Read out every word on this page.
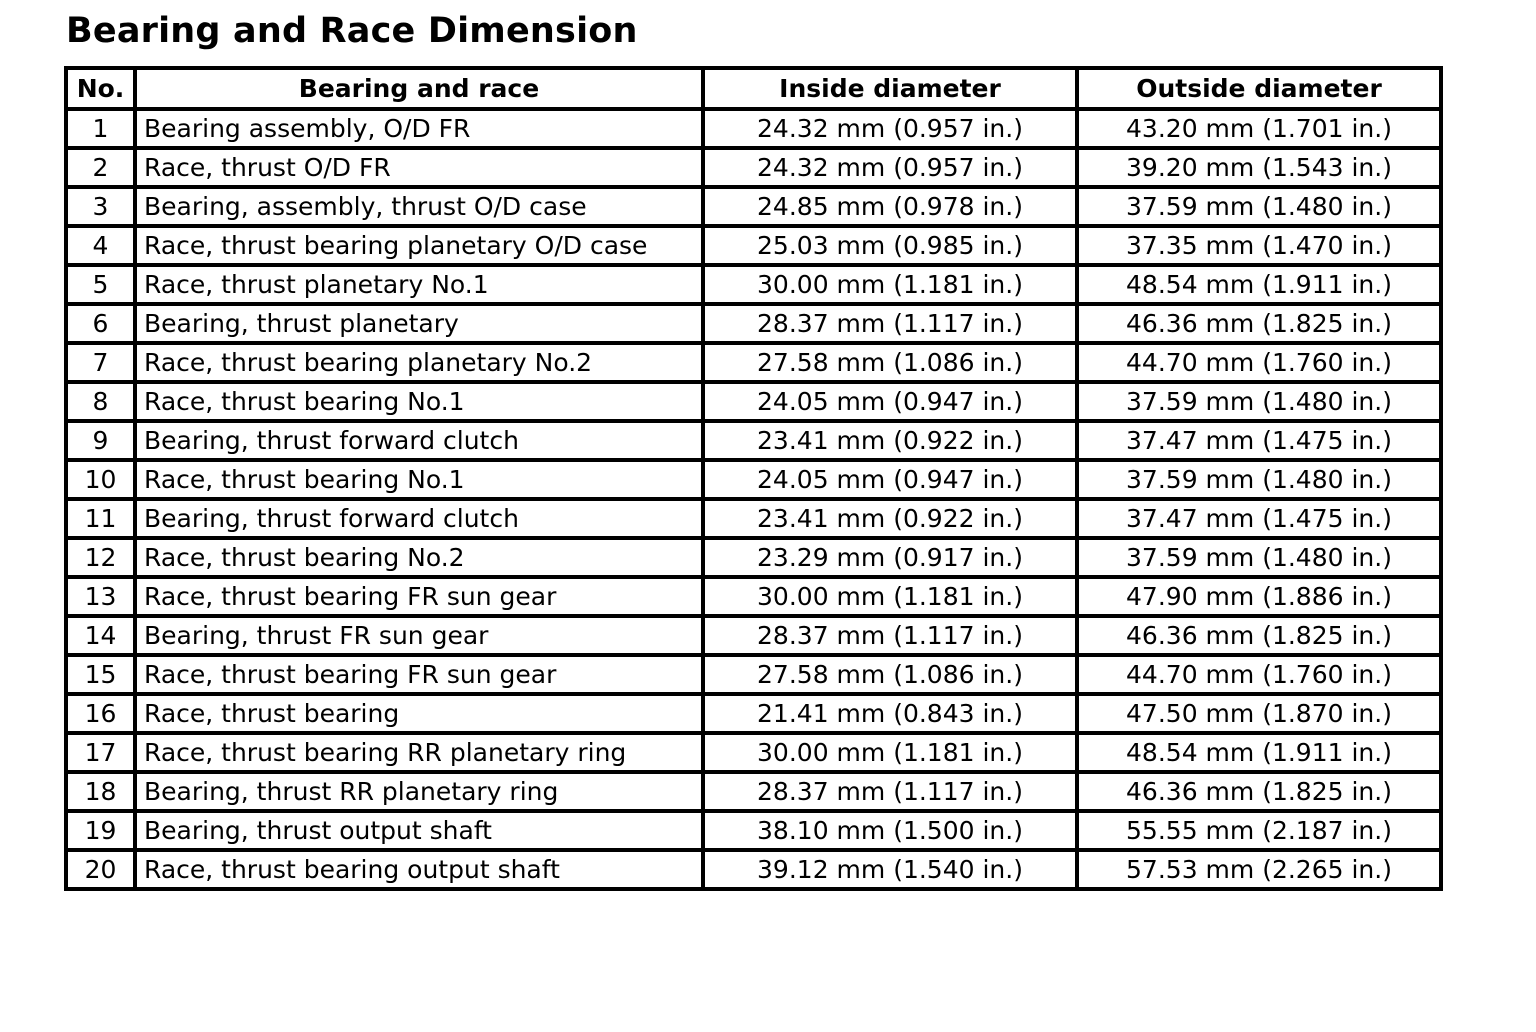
Bearing and Race Dimension
No.	Bearing and race	Inside diameter	Outside diameter
1	Bearing assembly, O/D FR	24.32 mm (0.957 in.)	43.20 mm (1.701 in.)
2	Race, thrust O/D FR	24.32 mm (0.957 in.)	39.20 mm (1.543 in.)
3	Bearing, assembly, thrust O/D case	24.85 mm (0.978 in.)	37.59 mm (1.480 in.)
4	Race, thrust bearing planetary O/D case	25.03 mm (0.985 in.)	37.35 mm (1.470 in.)
5	Race, thrust planetary No.1	30.00 mm (1.181 in.)	48.54 mm (1.911 in.)
6	Bearing, thrust planetary	28.37 mm (1.117 in.)	46.36 mm (1.825 in.)
7	Race, thrust bearing planetary No.2	27.58 mm (1.086 in.)	44.70 mm (1.760 in.)
8	Race, thrust bearing No.1	24.05 mm (0.947 in.)	37.59 mm (1.480 in.)
9	Bearing, thrust forward clutch	23.41 mm (0.922 in.)	37.47 mm (1.475 in.)
10	Race, thrust bearing No.1	24.05 mm (0.947 in.)	37.59 mm (1.480 in.)
11	Bearing, thrust forward clutch	23.41 mm (0.922 in.)	37.47 mm (1.475 in.)
12	Race, thrust bearing No.2	23.29 mm (0.917 in.)	37.59 mm (1.480 in.)
13	Race, thrust bearing FR sun gear	30.00 mm (1.181 in.)	47.90 mm (1.886 in.)
14	Bearing, thrust FR sun gear	28.37 mm (1.117 in.)	46.36 mm (1.825 in.)
15	Race, thrust bearing FR sun gear	27.58 mm (1.086 in.)	44.70 mm (1.760 in.)
16	Race, thrust bearing	21.41 mm (0.843 in.)	47.50 mm (1.870 in.)
17	Race, thrust bearing RR planetary ring	30.00 mm (1.181 in.)	48.54 mm (1.911 in.)
18	Bearing, thrust RR planetary ring	28.37 mm (1.117 in.)	46.36 mm (1.825 in.)
19	Bearing, thrust output shaft	38.10 mm (1.500 in.)	55.55 mm (2.187 in.)
20	Race, thrust bearing output shaft	39.12 mm (1.540 in.)	57.53 mm (2.265 in.)
